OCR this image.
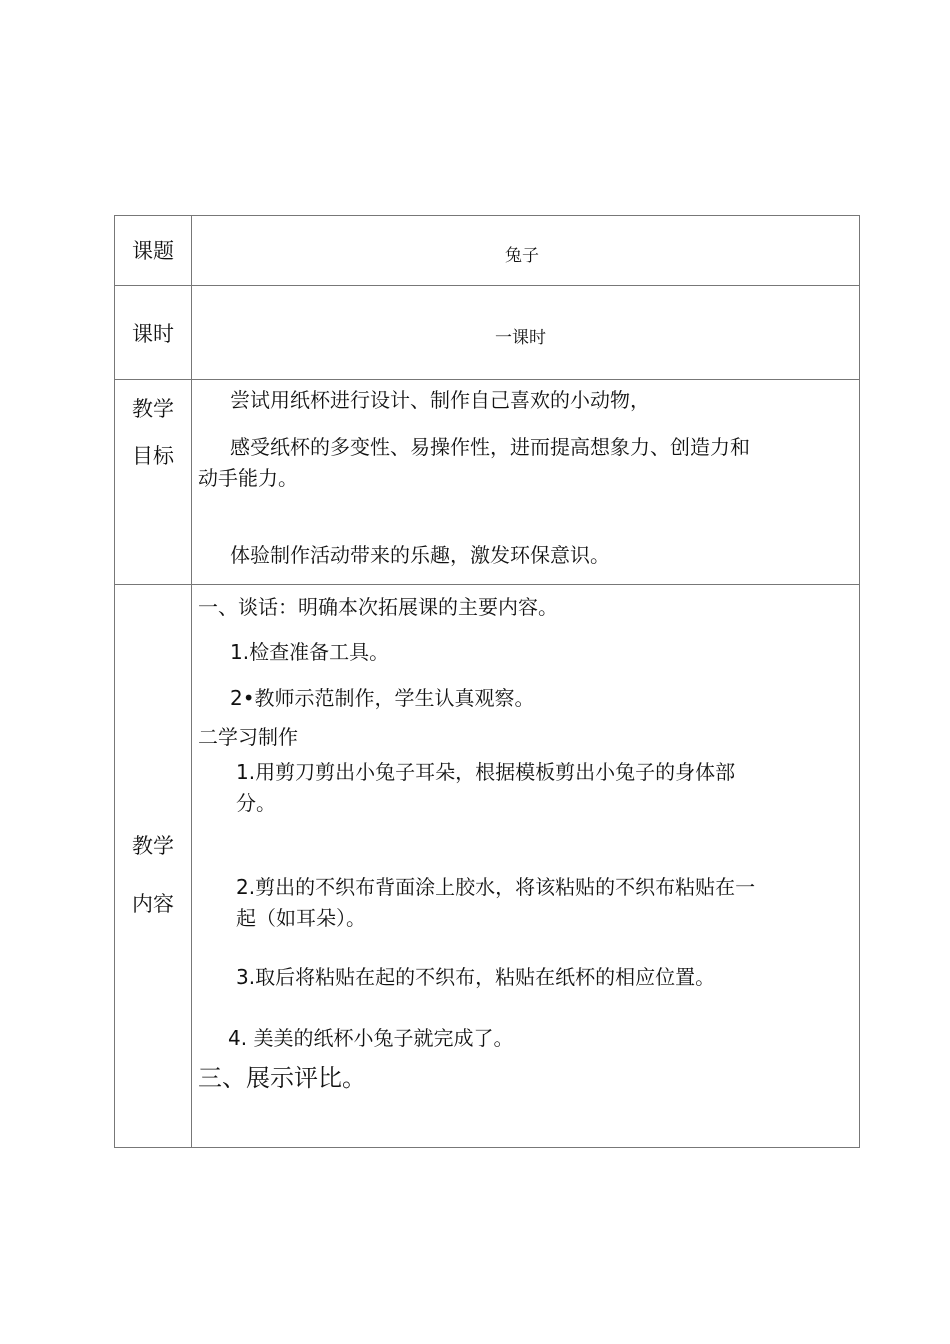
课题	兔子
课时	一课时
教学
目标
尝试用纸杯进行设计、制作自己喜欢的小动物，
感受纸杯的多变性、易操作性，进而提高想象力、创造力和
动手能力。
体验制作活动带来的乐趣，激发环保意识。
教学
内容
一、谈话：明确本次拓展课的主要内容。
1.检查准备工具。
2•教师示范制作，学生认真观察。
二学习制作
1.用剪刀剪出小兔子耳朵，根据模板剪出小兔子的身体部
分。
2.剪出的不织布背面涂上胶水，将该粘贴的不织布粘贴在一
起（如耳朵）。
3.取后将粘贴在起的不织布，粘贴在纸杯的相应位置。
4. 美美的纸杯小兔子就完成了。
三、展示评比。
